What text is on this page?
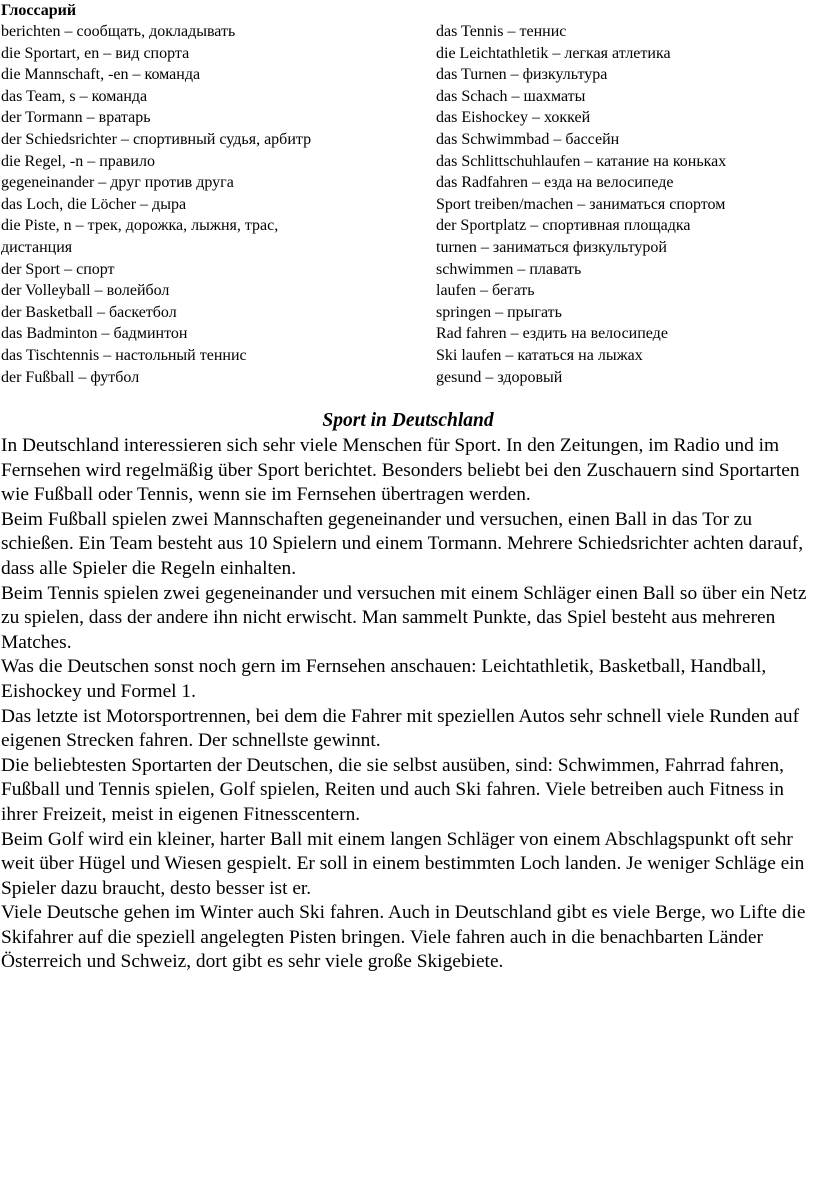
Глоссарий
berichten – сообщать, докладывать
die Sportart, en – вид спорта
die Mannschaft, -en – команда
das Team, s – команда
der Tormann – вратарь
der Schiedsrichter – спортивный судья, арбитр
die Regel, -n – правило
gegeneinander – друг против друга
das Loch, die Löcher – дыра
die Piste, n – трек, дорожка, лыжня, трас, дистанция
der Sport – спорт
der Volleyball – волейбол
der Basketball – баскетбол
das Badminton – бадминтон
das Tischtennis – настольный теннис
der Fußball – футбол
das Tennis – теннис
die Leichtathletik – легкая атлетика
das Turnen – физкультура
das Schach – шахматы
das Eishockey – хоккей
das Schwimmbad – бассейн
das Schlittschuhlaufen – катание на коньках
das Radfahren – езда на велосипеде
Sport treiben/machen – заниматься спортом
der Sportplatz – спортивная площадка
turnen – заниматься физкультурой
schwimmen – плавать
laufen – бегать
springen – прыгать
Rad fahren – ездить на велосипеде
Ski laufen – кататься на лыжах
gesund – здоровый
Sport in Deutschland

In Deutschland interessieren sich sehr viele Menschen für Sport. In den Zeitungen, im Radio und im Fernsehen wird regelmäßig über Sport berichtet. Besonders beliebt bei den Zuschauern sind Sportarten wie Fußball oder Tennis, wenn sie im Fernsehen übertragen werden.

Beim Fußball spielen zwei Mannschaften gegeneinander und versuchen, einen Ball in das Tor zu schießen. Ein Team besteht aus 10 Spielern und einem Tormann. Mehrere Schiedsrichter achten darauf, dass alle Spieler die Regeln einhalten.

Beim Tennis spielen zwei gegeneinander und versuchen mit einem Schläger einen Ball so über ein Netz zu spielen, dass der andere ihn nicht erwischt. Man sammelt Punkte, das Spiel besteht aus mehreren Matches.

Was die Deutschen sonst noch gern im Fernsehen anschauen: Leichtathletik, Basketball, Handball, Eishockey und Formel 1.

Das letzte ist Motorsportrennen, bei dem die Fahrer mit speziellen Autos sehr schnell viele Runden auf eigenen Strecken fahren. Der schnellste gewinnt.

Die beliebtesten Sportarten der Deutschen, die sie selbst ausüben, sind: Schwimmen, Fahrrad fahren, Fußball und Tennis spielen, Golf spielen, Reiten und auch Ski fahren. Viele betreiben auch Fitness in ihrer Freizeit, meist in eigenen Fitnesscentern.

Beim Golf wird ein kleiner, harter Ball mit einem langen Schläger von einem Abschlagspunkt oft sehr weit über Hügel und Wiesen gespielt. Er soll in einem bestimmten Loch landen. Je weniger Schläge ein Spieler dazu braucht, desto besser ist er.

Viele Deutsche gehen im Winter auch Ski fahren. Auch in Deutschland gibt es viele Berge, wo Lifte die Skifahrer auf die speziell angelegten Pisten bringen. Viele fahren auch in die benachbarten Länder Österreich und Schweiz, dort gibt es sehr viele große Skigebiete.
